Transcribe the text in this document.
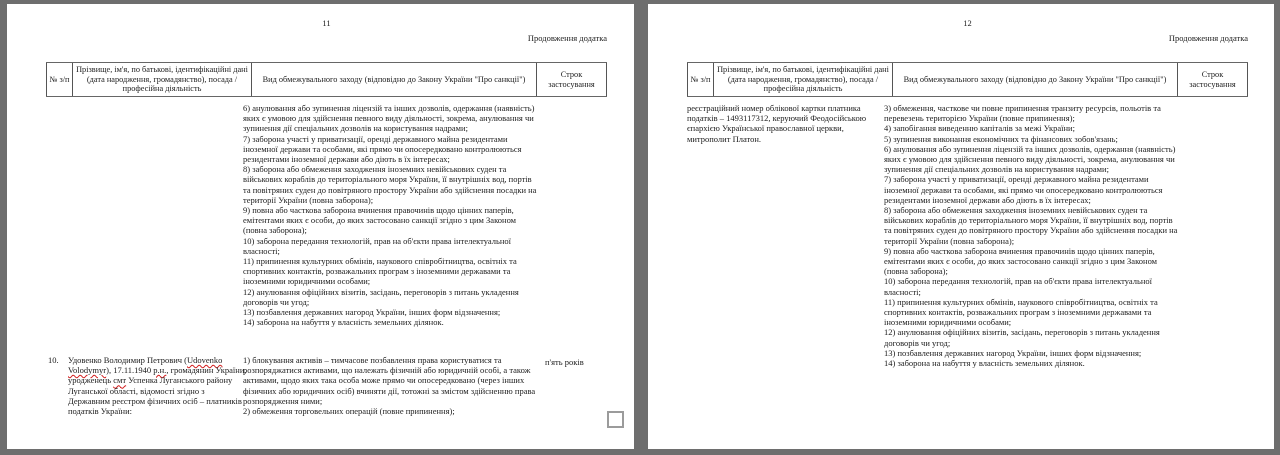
11
Продовження додатка
№ з/п
Прізвище, ім'я, по батькові, ідентифікаційні дані (дата народження, громадянство), посада / професійна діяльність
Вид обмежувального заходу (відповідно до Закону України "Про санкції")
Строк застосування
6) анулювання або зупинення ліцензій та інших дозволів, одержання (наявність) яких є умовою для здійснення певного виду діяльності, зокрема, анулювання чи зупинення дії спеціальних дозволів на користування надрами;
7) заборона участі у приватизації, оренді державного майна резидентами іноземної держави та особами, які прямо чи опосередковано контролюються резидентами іноземної держави або діють в їх інтересах;
8) заборона або обмеження заходження іноземних невійськових суден та військових кораблів до територіального моря України, її внутрішніх вод, портів та повітряних суден до повітряного простору України або здійснення посадки на території України (повна заборона);
9) повна або часткова заборона вчинення правочинів щодо цінних паперів, емітентами яких є особи, до яких застосовано санкції згідно з цим Законом (повна заборона);
10) заборона передання технологій, прав на об'єкти права інтелектуальної власності;
11) припинення культурних обмінів, наукового співробітництва, освітніх та спортивних контактів, розважальних програм з іноземними державами та іноземними юридичними особами;
12) анулювання офіційних візитів, засідань, переговорів з питань укладення договорів чи угод;
13) позбавлення державних нагород України, інших форм відзначення;
14) заборона на набуття у власність земельних ділянок.
10.	Удовенко Володимир Петрович (Udovenko Volodymyr), 17.11.1940 р.н., громадянин України, уродженець смт Успенка Луганського району Луганської області, відомості згідно з Державним реєстром фізичних осіб – платників податків України:
1) блокування активів – тимчасове позбавлення права користуватися та розпоряджатися активами, що належать фізичній або юридичній особі, а також активами, щодо яких така особа може прямо чи опосередковано (через інших фізичних або юридичних осіб) вчиняти дії, тотожні за змістом здійсненню права розпорядження ними;
2) обмеження торговельних операцій (повне припинення);
п'ять років
12
Продовження додатка
№ з/п
Прізвище, ім'я, по батькові, ідентифікаційні дані (дата народження, громадянство), посада / професійна діяльність
Вид обмежувального заходу (відповідно до Закону України "Про санкції")
Строк застосування
реєстраційний номер облікової картки платника податків – 1493117312, керуючий Феодосійською єпархією Української православної церкви, митрополит Платон.
3) обмеження, часткове чи повне припинення транзиту ресурсів, польотів та перевезень територією України (повне припинення);
4) запобігання виведенню капіталів за межі України;
5) зупинення виконання економічних та фінансових зобов'язань;
6) анулювання або зупинення ліцензій та інших дозволів, одержання (наявність) яких є умовою для здійснення певного виду діяльності, зокрема, анулювання чи зупинення дії спеціальних дозволів на користування надрами;
7) заборона участі у приватизації, оренді державного майна резидентами іноземної держави та особами, які прямо чи опосередковано контролюються резидентами іноземної держави або діють в їх інтересах;
8) заборона або обмеження заходження іноземних невійськових суден та військових кораблів до територіального моря України, її внутрішніх вод, портів та повітряних суден до повітряного простору України або здійснення посадки на території України (повна заборона);
9) повна або часткова заборона вчинення правочинів щодо цінних паперів, емітентами яких є особи, до яких застосовано санкції згідно з цим Законом (повна заборона);
10) заборона передання технологій, прав на об'єкти права інтелектуальної власності;
11) припинення культурних обмінів, наукового співробітництва, освітніх та спортивних контактів, розважальних програм з іноземними державами та іноземними юридичними особами;
12) анулювання офіційних візитів, засідань, переговорів з питань укладення договорів чи угод;
13) позбавлення державних нагород України, інших форм відзначення;
14) заборона на набуття у власність земельних ділянок.
